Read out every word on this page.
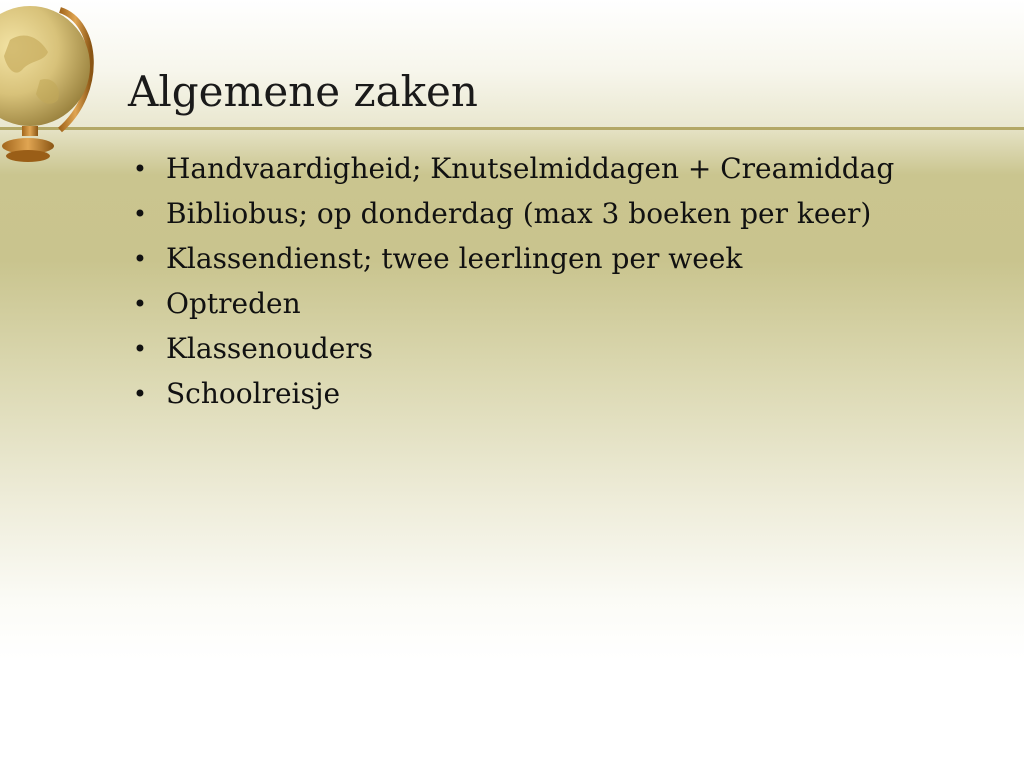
Algemene zaken
• Handvaardigheid; Knutselmiddagen + Creamiddag
• Bibliobus; op donderdag (max 3 boeken per keer)
• Klassendienst; twee leerlingen per week
• Optreden
• Klassenouders
• Schoolreisje
